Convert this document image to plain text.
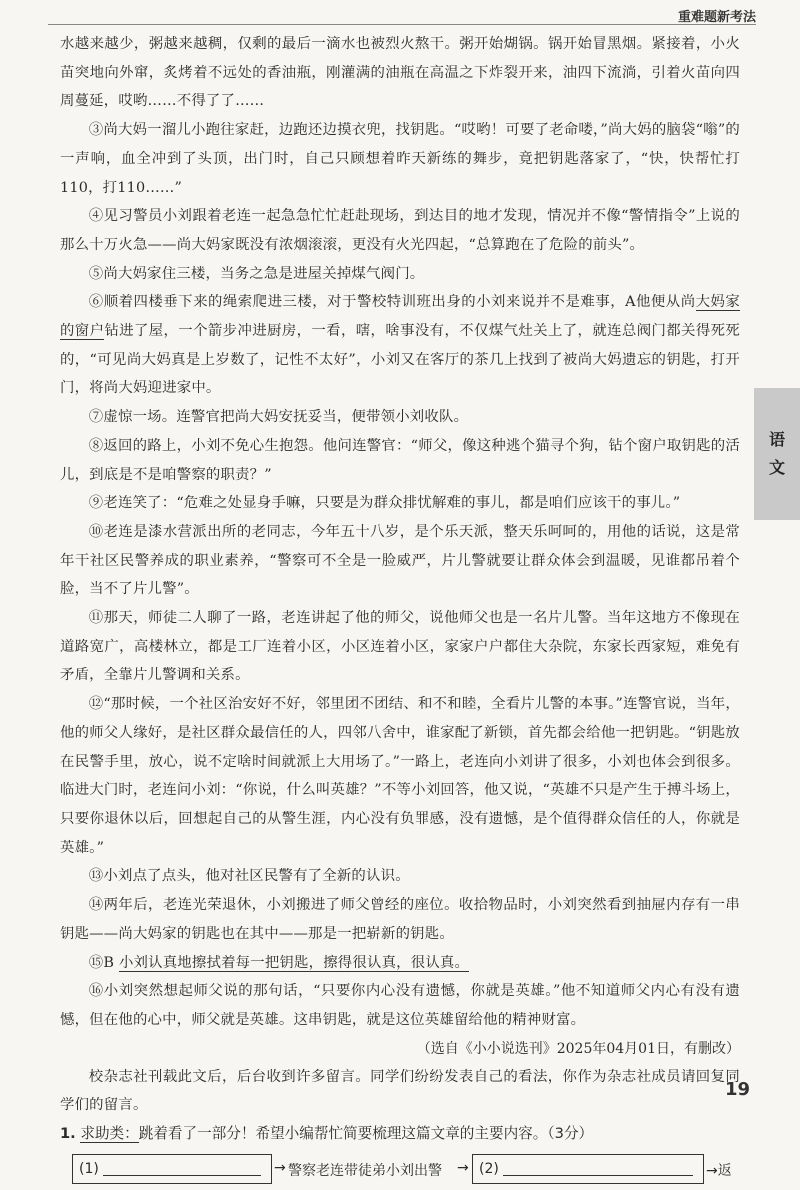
重难题新考法

水越来越少，粥越来越稠，仅剩的最后一滴水也被烈火熬干。粥开始煳锅。锅开始冒黑烟。紧接着，小火苗突地向外窜，炙烤着不远处的香油瓶，刚灌满的油瓶在高温之下炸裂开来，油四下流淌，引着火苗向四周蔓延，哎哟……不得了了……

③尚大妈一溜儿小跑往家赶，边跑还边摸衣兜，找钥匙。“哎哟！可要了老命喽，”尚大妈的脑袋“嗡”的一声响，血全冲到了头顶，出门时，自己只顾想着昨天新练的舞步，竟把钥匙落家了，“快，快帮忙打110，打110……”

④见习警员小刘跟着老连一起急急忙忙赶赴现场，到达目的地才发现，情况并不像“警情指令”上说的那么十万火急——尚大妈家既没有浓烟滚滚，更没有火光四起，“总算跑在了危险的前头”。

⑤尚大妈家住三楼，当务之急是进屋关掉煤气阀门。

⑥顺着四楼垂下来的绳索爬进三楼，对于警校特训班出身的小刘来说并不是难事，A他便从尚大妈家的窗户钻进了屋，一个箭步冲进厨房，一看，嗐，啥事没有，不仅煤气灶关上了，就连总阀门都关得死死的，“可见尚大妈真是上岁数了，记性不太好”，小刘又在客厅的茶几上找到了被尚大妈遗忘的钥匙，打开门，将尚大妈迎进家中。

⑦虚惊一场。连警官把尚大妈安抚妥当，便带领小刘收队。

⑧返回的路上，小刘不免心生抱怨。他问连警官：“师父，像这种逃个猫寻个狗，钻个窗户取钥匙的活儿，到底是不是咱警察的职责？”

⑨老连笑了：“危难之处显身手嘛，只要是为群众排忧解难的事儿，都是咱们应该干的事儿。”

⑩老连是漆水营派出所的老同志，今年五十八岁，是个乐天派，整天乐呵呵的，用他的话说，这是常年干社区民警养成的职业素养，“警察可不全是一脸威严，片儿警就要让群众体会到温暖，见谁都吊着个脸，当不了片儿警”。

⑪那天，师徒二人聊了一路，老连讲起了他的师父，说他师父也是一名片儿警。当年这地方不像现在道路宽广，高楼林立，都是工厂连着小区，小区连着小区，家家户户都住大杂院，东家长西家短，难免有矛盾，全靠片儿警调和关系。

⑫“那时候，一个社区治安好不好，邻里团不团结、和不和睦，全看片儿警的本事。”连警官说，当年，他的师父人缘好，是社区群众最信任的人，四邻八舍中，谁家配了新锁，首先都会给他一把钥匙。“钥匙放在民警手里，放心，说不定啥时间就派上大用场了。”一路上，老连向小刘讲了很多，小刘也体会到很多。临进大门时，老连问小刘：“你说，什么叫英雄？”不等小刘回答，他又说，“英雄不只是产生于搏斗场上，只要你退休以后，回想起自己的从警生涯，内心没有负罪感，没有遗憾，是个值得群众信任的人，你就是英雄。”

⑬小刘点了点头，他对社区民警有了全新的认识。

⑭两年后，老连光荣退休，小刘搬进了师父曾经的座位。收拾物品时，小刘突然看到抽屉内存有一串钥匙——尚大妈家的钥匙也在其中——那是一把崭新的钥匙。

⑮B 小刘认真地擦拭着每一把钥匙，擦得很认真，很认真。

⑯小刘突然想起师父说的那句话，“只要你内心没有遗憾，你就是英雄。”他不知道师父内心有没有遗憾，但在他的心中，师父就是英雄。这串钥匙，就是这位英雄留给他的精神财富。

（选自《小小说选刊》2025年04月01日，有删改）

校杂志社刊载此文后，后台收到许多留言。同学们纷纷发表自己的看法，你作为杂志社成员请回复同学们的留言。

1. 求助类：跳着看了一部分！希望小编帮忙简要梳理这篇文章的主要内容。（3分）

(1)	→ 警察老连带徒弟小刘出警 → (2)	→返
语
文
19
